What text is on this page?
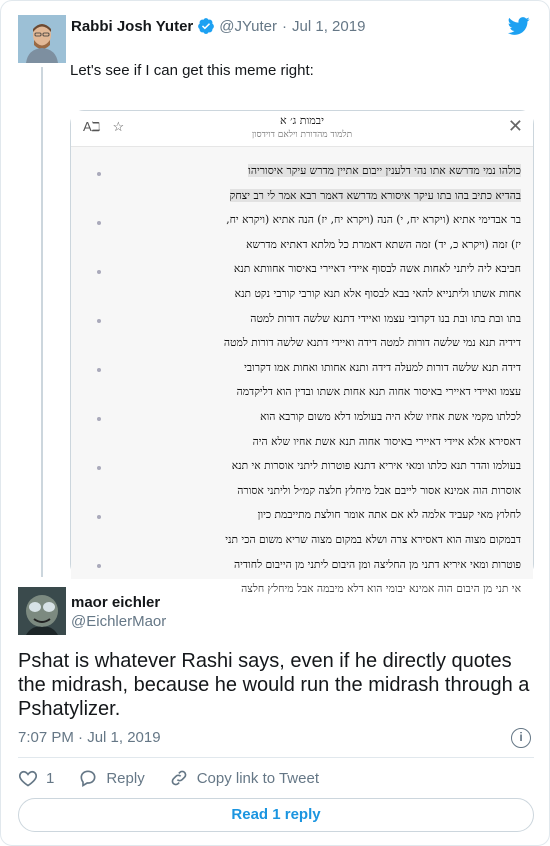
Rabbi Josh Yuter @JYuter · Jul 1, 2019

Let's see if I can get this meme right:

Aℶ ☆	יבמות ג׳ א
תלמוד מהדורת וילאם דוידסון	✕
כולהו נמי מדרשא אתו נהי דלענין ייבום אתיין מדרש עיקר איסוריהו
בהדיא כתיב בהו בתו עיקר איסורא מדרשא דאמר רבא אמר לי רב יצחק
בר אבדימי אתיא (ויקרא יח, י) הנה (ויקרא יח, יז) הנה אתיא (ויקרא יח,
יז) זמה (ויקרא כ, יד) זמה השתא דאמרת כל מלתא דאתיא מדרשא
חביבא ליה ליתני לאחות אשה לבסוף איידי דאיירי באיסור אחוותא תנא
אחות אשתו וליתנייא להאי בבא לבסוף אלא תנא קורבי קורבי נקט תנא
בתו ובת בתו ובת בנו דקרובי עצמו ואיידי דתנא שלשה דורות למטה
דידיה תנא נמי שלשה דורות למטה דידה ואיידי דתנא שלשה דורות למטה
דידה תנא שלשה דורות למעלה דידה ותנא אחותו ואחות אמו דקרובי
עצמו ואיידי דאיירי באיסור אחוה תנא אחות אשתו ובדין הוא דליקדמה
לכלתו מקמי אשת אחיו שלא היה בעולמו דלא משום קורבא הוא
דאסירא אלא איידי דאיירי באיסור אחוה תנא אשת אחיו שלא היה
בעולמו והדר תנא כלתו ומאי איריא דתנא פוטרות ליתני אוסרות אי תנא
אוסרות הוה אמינא אסור לייבם אבל מיחלץ חלצה קמ״ל וליתני אסורה
לחלוץ מאי קעביד אלמה לא אם אתה אומר חולצת מתייבמת כיון
דבמקום מצוה הוא דאסירא צרה ושלא במקום מצוה שריא משום הכי תני
פוטרות ומאי איריא דתני מן החליצה ומן היבום ליתני מן הייבום לחודיה
אי תני מן היבום הוה אמינא יבומי הוא דלא מיבמה אבל מיחלץ חלצה
maor eichler
@EichlerMaor
Pshat is whatever Rashi says, even if he directly quotes the midrash, because he would run the midrash through a Pshatylizer.
7:07 PM · Jul 1, 2019	i
1	Reply	Copy link to Tweet
Read 1 reply
